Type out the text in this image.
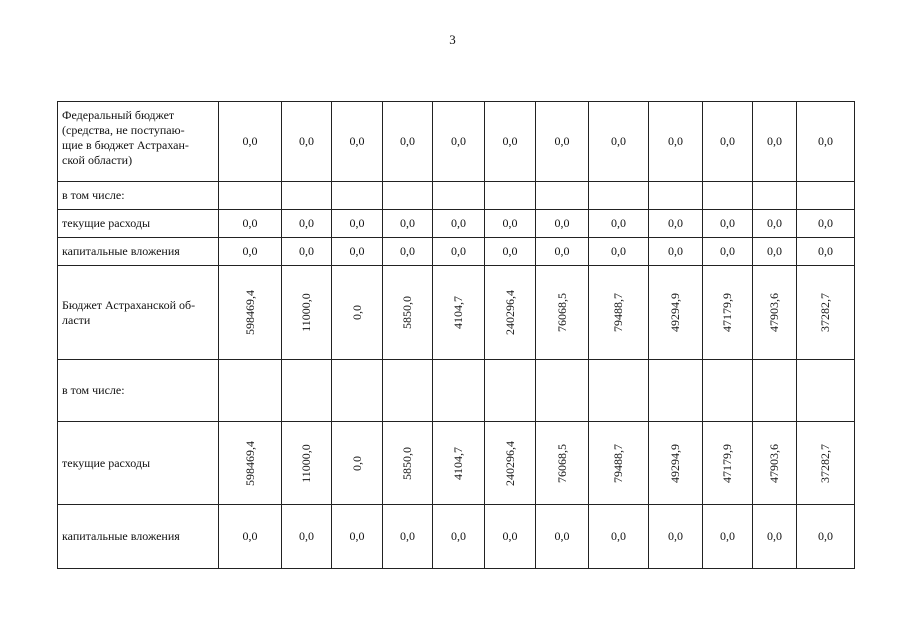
3
Федеральный бюджет
(средства, не поступаю-
щие в бюджет Астрахан-
ской области)	0,0	0,0	0,0	0,0	0,0	0,0	0,0	0,0	0,0	0,0	0,0	0,0
в том числе:												
текущие расходы	0,0	0,0	0,0	0,0	0,0	0,0	0,0	0,0	0,0	0,0	0,0	0,0
капитальные вложения	0,0	0,0	0,0	0,0	0,0	0,0	0,0	0,0	0,0	0,0	0,0	0,0

Бюджет Астраханской об-
ласти	598469,4	11000,0	0,0	5850,0	4104,7	240296,4	76068,5	79488,7	49294,9	47179,9	47903,6	37282,7
в том числе:												
текущие расходы	598469,4	11000,0	0,0	5850,0	4104,7	240296,4	76068,5	79488,7	49294,9	47179,9	47903,6	37282,7
капитальные вложения	0,0	0,0	0,0	0,0	0,0	0,0	0,0	0,0	0,0	0,0	0,0	0,0
